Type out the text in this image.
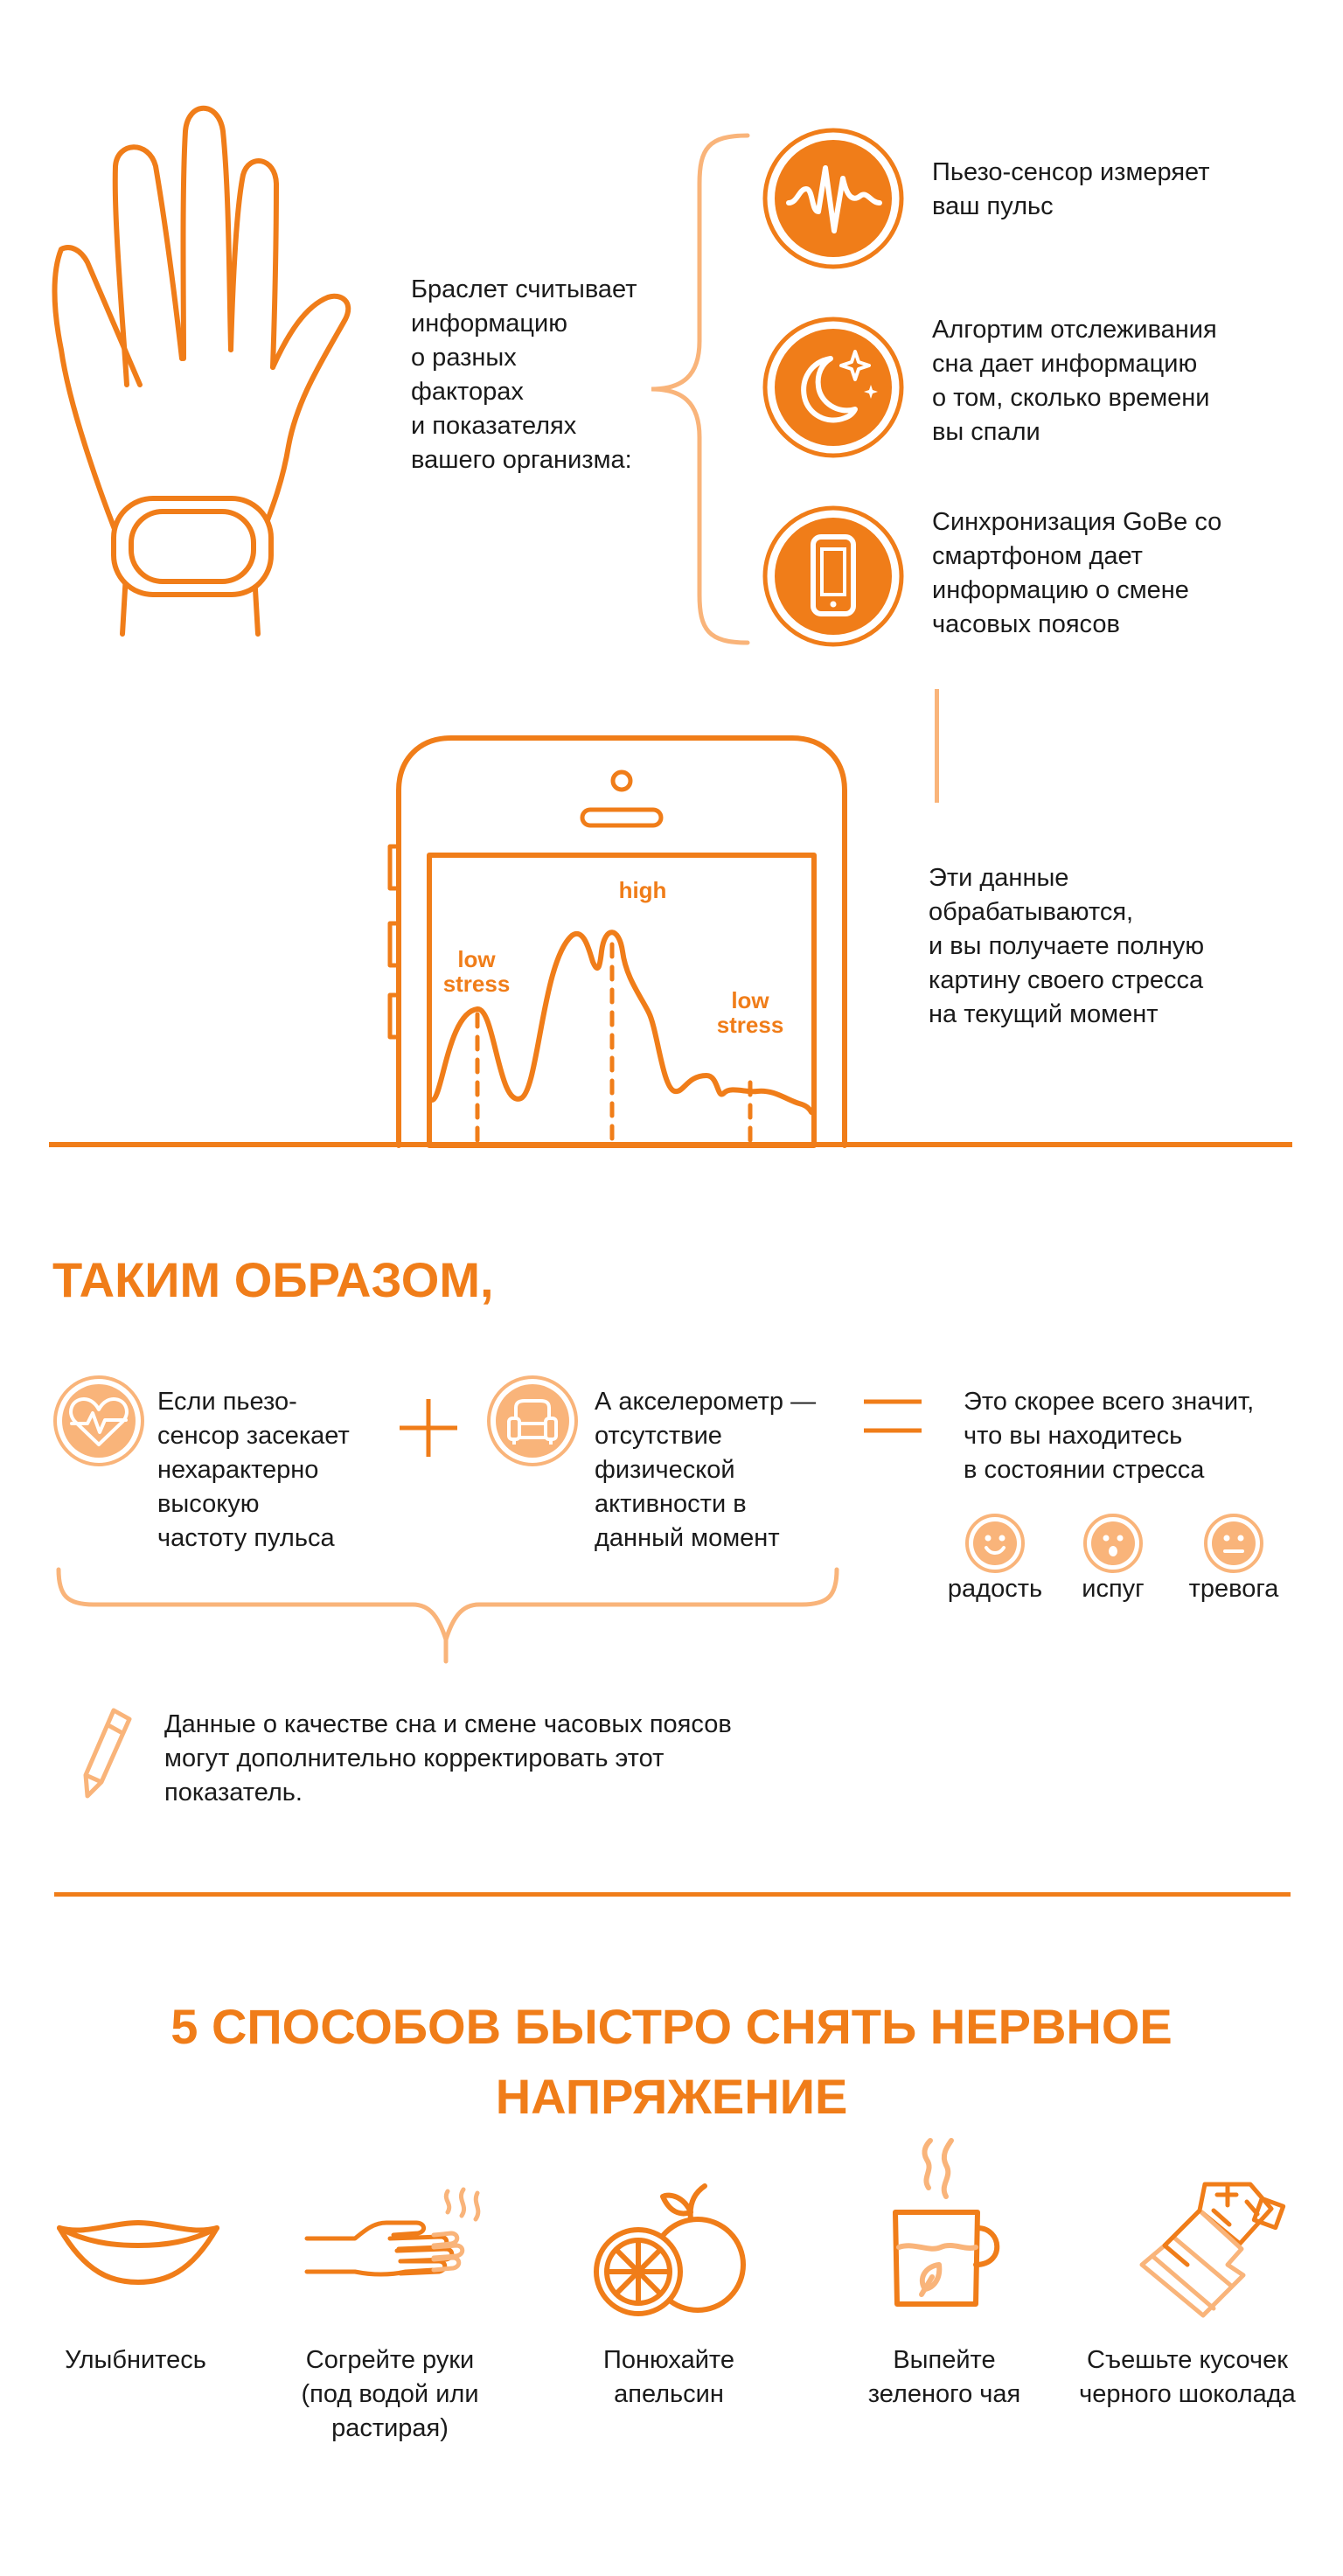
Браслет считывает
информацию
о разных
факторах
и показателях
вашего организма:
Пьезо-сенсор измеряет
ваш пульс
Алгортим отслеживания
сна дает информацию
о том, сколько времени
вы спали
Синхронизация GoBe со
смартфоном дает
информацию о смене
часовых поясов
low
stress
high
low
stress
Эти данные
обрабатываются,
и вы получаете полную
картину своего стресса
на текущий момент
ТАКИМ ОБРАЗОМ,
Если пьезо-
сенсор засекает
нехарактерно
высокую
частоту пульса
А акселерометр —
отсутствие
физической
активности в
данный момент
Это скорее всего значит,
что вы находитесь
в состоянии стресса
радость	испуг	тревога
Данные о качестве сна и смене часовых поясов
могут дополнительно корректировать этот
показатель.
5 СПОСОБОВ БЫСТРО СНЯТЬ НЕРВНОЕ
НАПРЯЖЕНИЕ
Улыбнитесь	Согрейте руки
(под водой или
растирая)
Понюхайте
апельсин
Выпейте
зеленого чая
Съешьте кусочек
черного шоколада
